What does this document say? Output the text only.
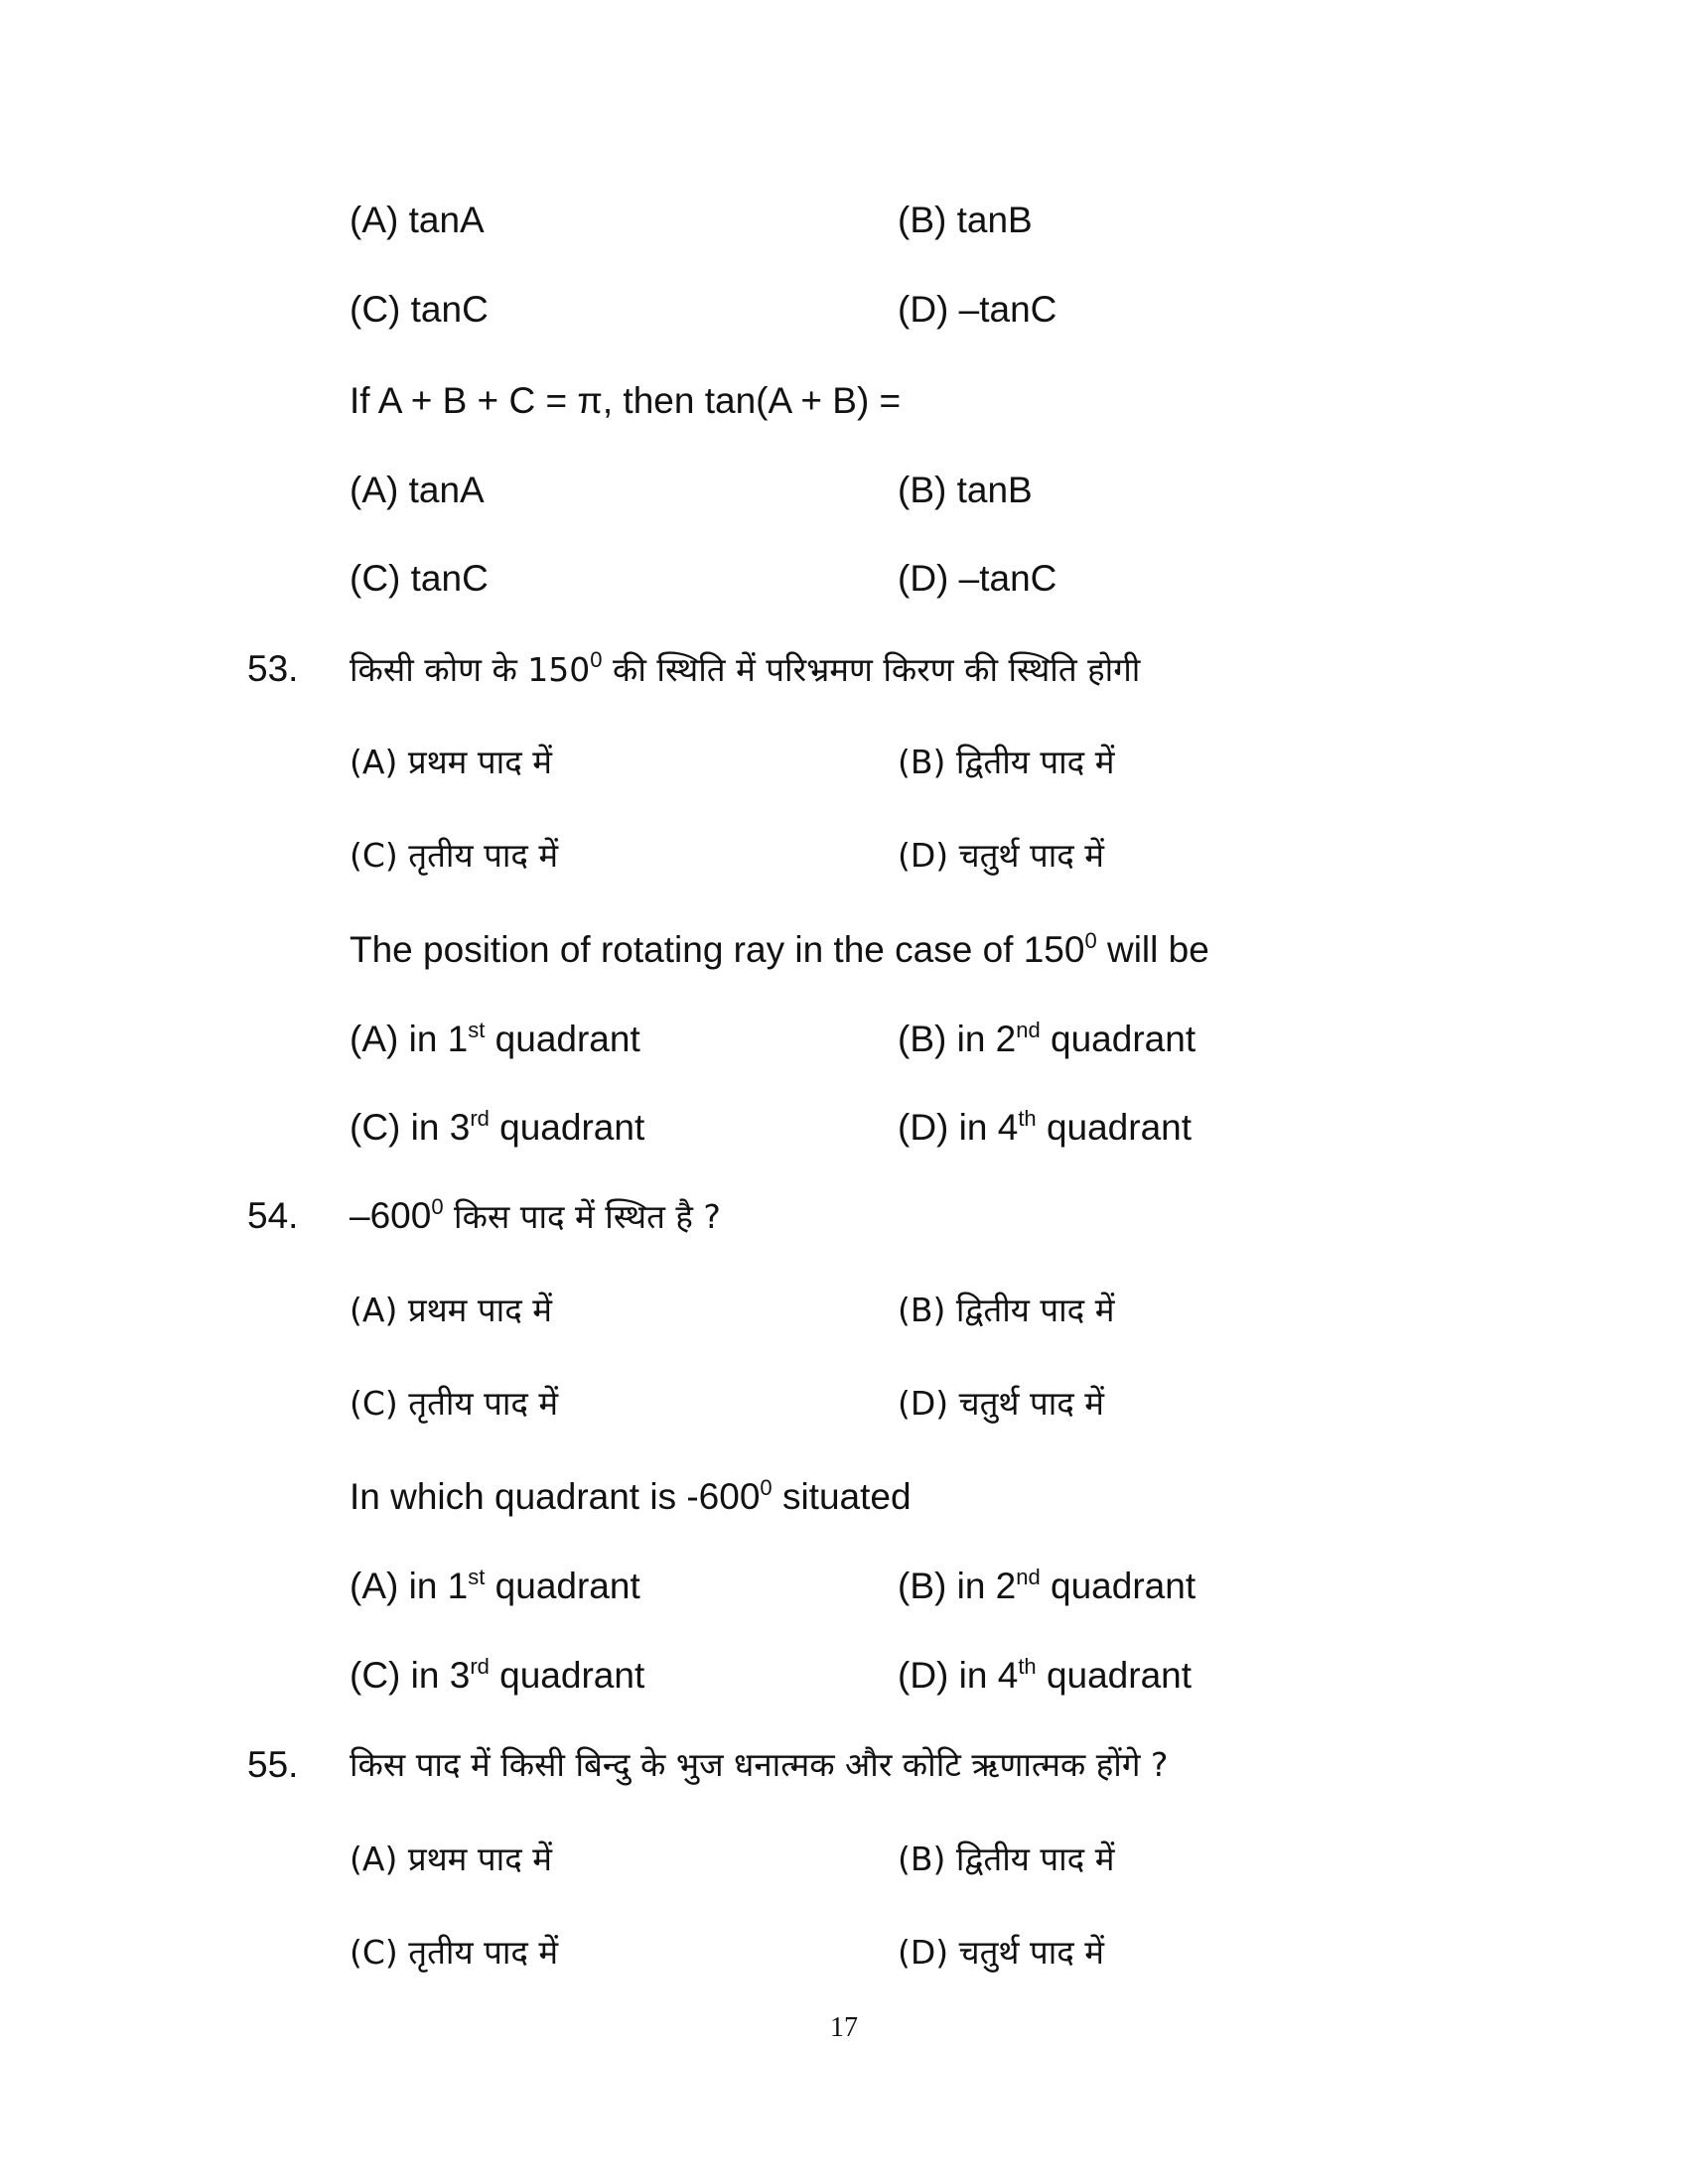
(A) tanA	(B) tanB
(C) tanC	(D) –tanC
If A + B + C = π, then tan(A + B) =
(A) tanA	(B) tanB
(C) tanC	(D) –tanC
53. किसी कोण के $150^0$ की स्थिति में परिभ्रमण किरण की स्थिति होगी
(A) प्रथम पाद में	(B) द्वितीय पाद में
(C) तृतीय पाद में	(D) चतुर्थ पाद में
The position of rotating ray in the case of $150^0$ will be
(A) in 1st quadrant	(B) in 2nd quadrant
(C) in 3rd quadrant	(D) in 4th quadrant
54. $-600^0$ किस पाद में स्थित है ?
(A) प्रथम पाद में	(B) द्वितीय पाद में
(C) तृतीय पाद में	(D) चतुर्थ पाद में
In which quadrant is $-600^0$ situated
(A) in 1st quadrant	(B) in 2nd quadrant
(C) in 3rd quadrant	(D) in 4th quadrant
55. किस पाद में किसी बिन्दु के भुज धनात्मक और कोटि ऋणात्मक होंगे ?
(A) प्रथम पाद में	(B) द्वितीय पाद में
(C) तृतीय पाद में	(D) चतुर्थ पाद में
17
